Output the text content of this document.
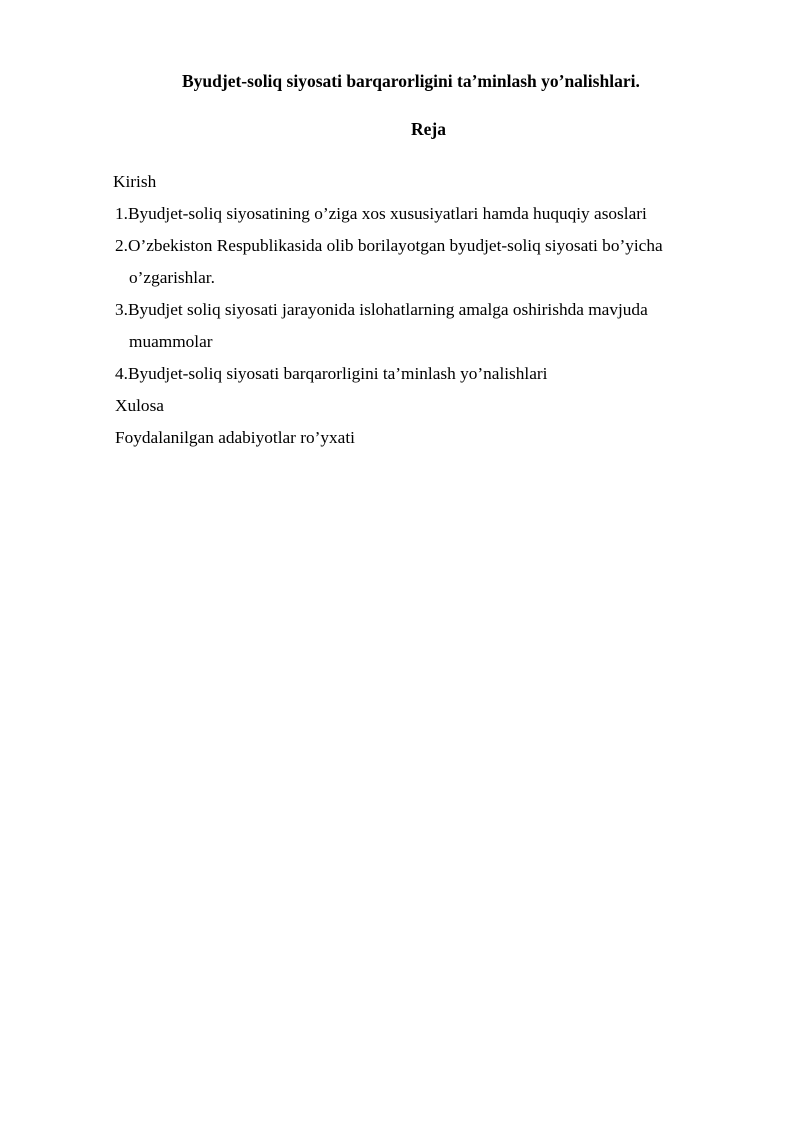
Byudjet-soliq siyosati barqarorligini ta’minlash yo’nalishlari.
Reja
Kirish
1.Byudjet-soliq siyosatining o’ziga xos xususiyatlari hamda huquqiy asoslari
2.O’zbekiston Respublikasida olib borilayotgan byudjet-soliq siyosati bo’yicha
o’zgarishlar.
3.Byudjet soliq siyosati jarayonida islohatlarning amalga oshirishda mavjuda
muammolar
4.Byudjet-soliq siyosati barqarorligini ta’minlash yo’nalishlari
Xulosa
Foydalanilgan adabiyotlar ro’yxati
